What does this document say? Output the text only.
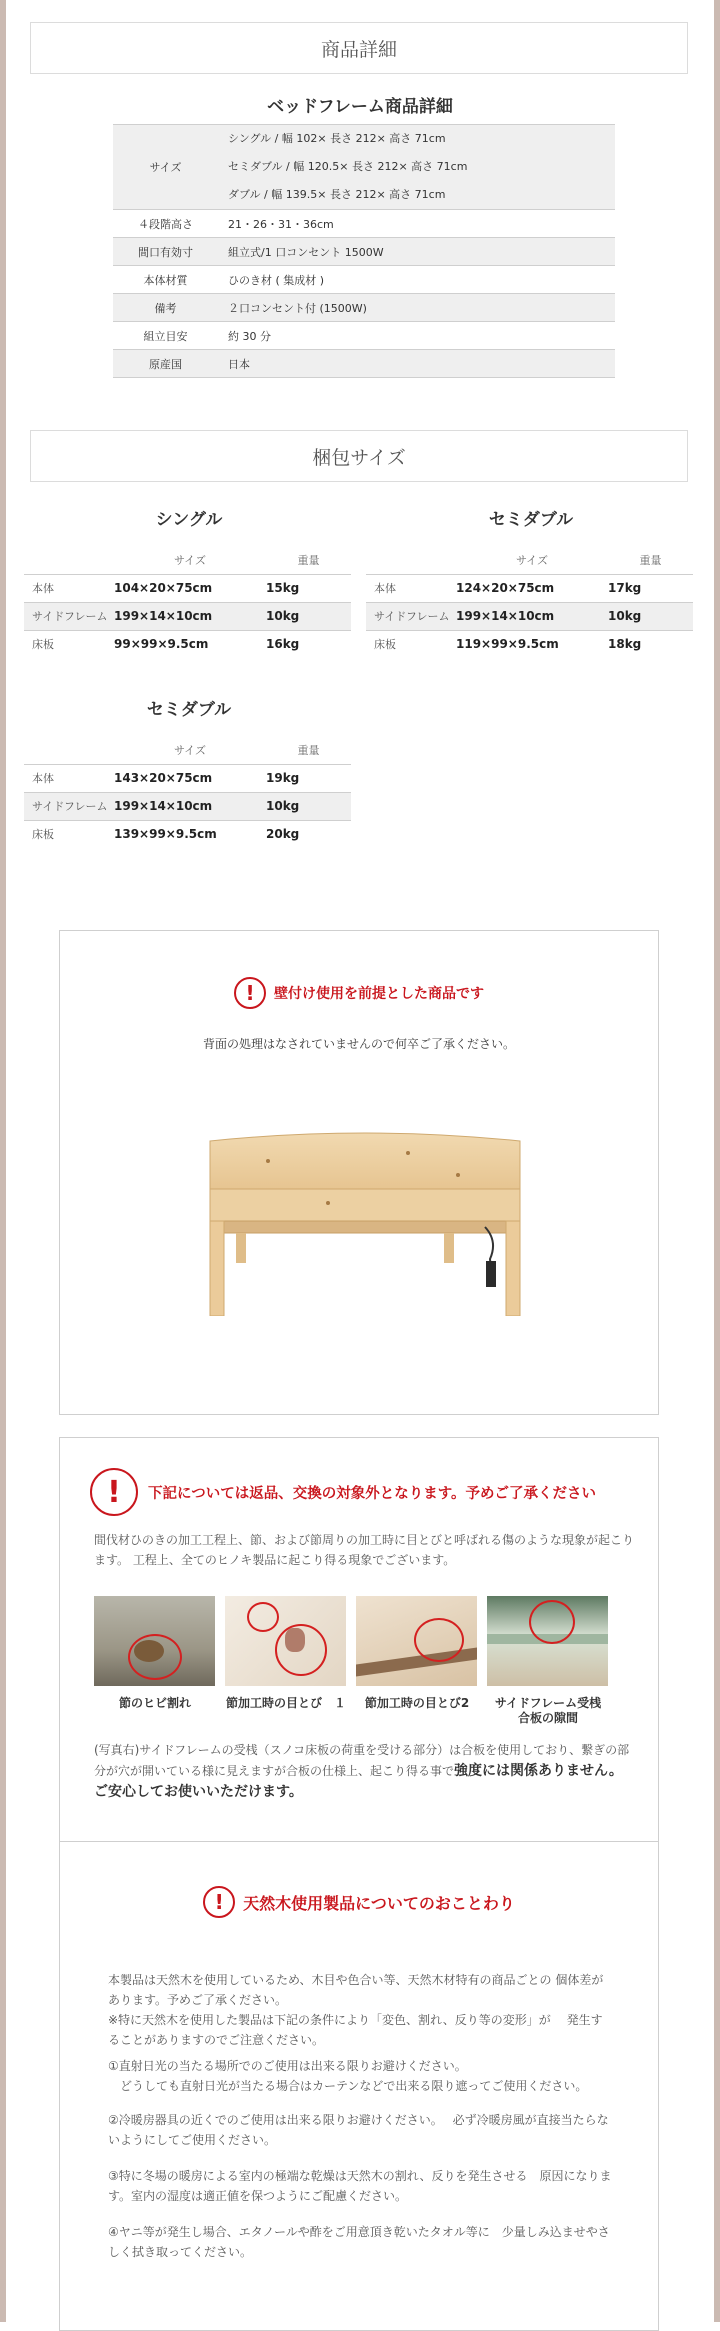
商品詳細
ベッドフレーム商品詳細
サイズ	シングル / 幅 102× 長さ 212× 高さ 71cm
セミダブル / 幅 120.5× 長さ 212× 高さ 71cm
ダブル / 幅 139.5× 長さ 212× 高さ 71cm

４段階高さ	21・26・31・36cm
間口有効寸	組立式/1 口コンセント 1500W
本体材質	ひのき材 ( 集成材 )
備考	２口コンセント付 (1500W)
組立目安	約 30 分
原産国	日本
梱包サイズ
シングル
	サイズ	重量
本体	104×20×75cm	15kg
サイドフレーム	199×14×10cm	10kg
床板	99×99×9.5cm	16kg
セミダブル
	サイズ	重量
本体	124×20×75cm	17kg
サイドフレーム	199×14×10cm	10kg
床板	119×99×9.5cm	18kg
セミダブル
	サイズ	重量
本体	143×20×75cm	19kg
サイドフレーム	199×14×10cm	10kg
床板	139×99×9.5cm	20kg
!	壁付け使用を前提とした商品です
背面の処理はなされていませんので何卒ご了承ください。
!	下記については返品、交換の対象外となります。予めご了承ください
間伐材ひのきの加工工程上、節、および節周りの加工時に目とびと呼ばれる傷のような現象が起こります。 工程上、全てのヒノキ製品に起こり得る現象でございます。
節のヒビ割れ	節加工時の目とび　１	節加工時の目とび2	サイドフレーム受桟
合板の隙間
(写真右)サイドフレームの受桟（スノコ床板の荷重を受ける部分）は合板を使用しており、繋ぎの部分が穴が開いている様に見えますが合板の仕様上、起こり得る事で強度には関係ありません。ご安心してお使いいただけます。
!	天然木使用製品についてのおことわり
本製品は天然木を使用しているため、木目や色合い等、天然木材特有の商品ごとの 個体差があります。予めご了承ください。
※特に天然木を使用した製品は下記の条件により「変色、割れ、反り等の変形」が　 発生することがありますのでご注意ください。
①直射日光の当たる場所でのご使用は出来る限りお避けください。
　どうしても直射日光が当たる場合はカーテンなどで出来る限り遮ってご使用ください。
②冷暖房器具の近くでのご使用は出来る限りお避けください。　 必ず冷暖房風が直接当たらないようにしてご使用ください。
③特に冬場の暖房による室内の極端な乾燥は天然木の割れ、反りを発生させる　原因になります。室内の湿度は適正値を保つようにご配慮ください。
④ヤニ等が発生し場合、エタノールや酢をご用意頂き乾いたタオル等に　少量しみ込ませやさしく拭き取ってください。
